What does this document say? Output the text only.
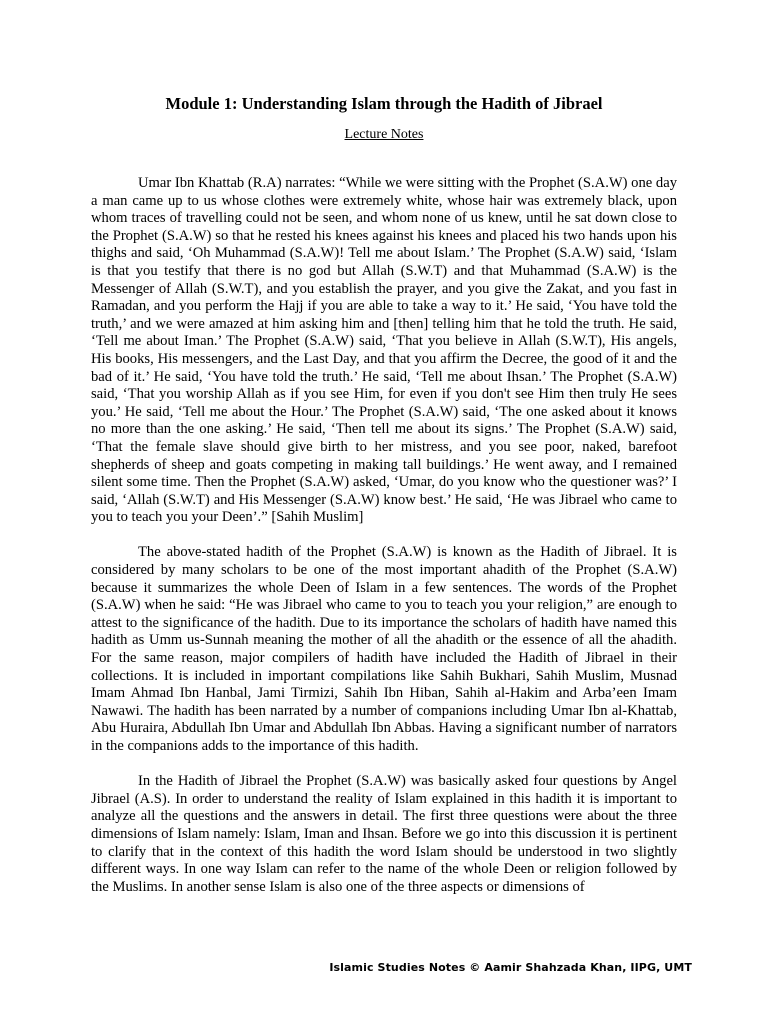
Module 1: Understanding Islam through the Hadith of Jibrael
Lecture Notes

Umar Ibn Khattab (R.A) narrates: “While we were sitting with the Prophet (S.A.W) one day a man came up to us whose clothes were extremely white, whose hair was extremely black, upon whom traces of travelling could not be seen, and whom none of us knew, until he sat down close to the Prophet (S.A.W) so that he rested his knees against his knees and placed his two hands upon his thighs and said, ‘Oh Muhammad (S.A.W)! Tell me about Islam.’ The Prophet (S.A.W) said, ‘Islam is that you testify that there is no god but Allah (S.W.T) and that Muhammad (S.A.W) is the Messenger of Allah (S.W.T), and you establish the prayer, and you give the Zakat, and you fast in Ramadan, and you perform the Hajj if you are able to take a way to it.’ He said, ‘You have told the truth,’ and we were amazed at him asking him and [then] telling him that he told the truth. He said, ‘Tell me about Iman.’ The Prophet (S.A.W) said, ‘That you believe in Allah (S.W.T), His angels, His books, His messengers, and the Last Day, and that you affirm the Decree, the good of it and the bad of it.’ He said, ‘You have told the truth.’ He said, ‘Tell me about Ihsan.’ The Prophet (S.A.W) said, ‘That you worship Allah as if you see Him, for even if you don't see Him then truly He sees you.’ He said, ‘Tell me about the Hour.’ The Prophet (S.A.W) said, ‘The one asked about it knows no more than the one asking.’ He said, ‘Then tell me about its signs.’ The Prophet (S.A.W) said, ‘That the female slave should give birth to her mistress, and you see poor, naked, barefoot shepherds of sheep and goats competing in making tall buildings.’ He went away, and I remained silent some time. Then the Prophet (S.A.W) asked, ‘Umar, do you know who the questioner was?’ I said, ‘Allah (S.W.T) and His Messenger (S.A.W) know best.’ He said, ‘He was Jibrael who came to you to teach you your Deen’.” [Sahih Muslim]

The above-stated hadith of the Prophet (S.A.W) is known as the Hadith of Jibrael. It is considered by many scholars to be one of the most important ahadith of the Prophet (S.A.W) because it summarizes the whole Deen of Islam in a few sentences. The words of the Prophet (S.A.W) when he said: “He was Jibrael who came to you to teach you your religion,” are enough to attest to the significance of the hadith. Due to its importance the scholars of hadith have named this hadith as Umm us-Sunnah meaning the mother of all the ahadith or the essence of all the ahadith. For the same reason, major compilers of hadith have included the Hadith of Jibrael in their collections. It is included in important compilations like Sahih Bukhari, Sahih Muslim, Musnad Imam Ahmad Ibn Hanbal, Jami Tirmizi, Sahih Ibn Hiban, Sahih al-Hakim and Arba’een Imam Nawawi. The hadith has been narrated by a number of companions including Umar Ibn al-Khattab, Abu Huraira, Abdullah Ibn Umar and Abdullah Ibn Abbas. Having a significant number of narrators in the companions adds to the importance of this hadith.

In the Hadith of Jibrael the Prophet (S.A.W) was basically asked four questions by Angel Jibrael (A.S). In order to understand the reality of Islam explained in this hadith it is important to analyze all the questions and the answers in detail. The first three questions were about the three dimensions of Islam namely: Islam, Iman and Ihsan. Before we go into this discussion it is pertinent to clarify that in the context of this hadith the word Islam should be understood in two slightly different ways. In one way Islam can refer to the name of the whole Deen or religion followed by the Muslims. In another sense Islam is also one of the three aspects or dimensions of

Islamic Studies Notes © Aamir Shahzada Khan, IIPG, UMT
